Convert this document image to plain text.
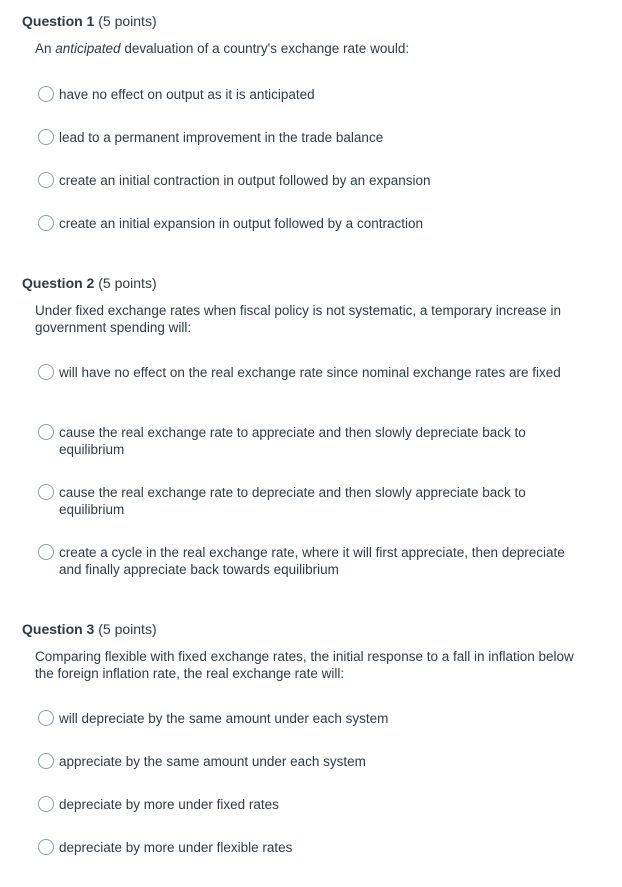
Question 1 (5 points)
An anticipated devaluation of a country's exchange rate would:
have no effect on output as it is anticipated
lead to a permanent improvement in the trade balance
create an initial contraction in output followed by an expansion
create an initial expansion in output followed by a contraction
Question 2 (5 points)
Under fixed exchange rates when fiscal policy is not systematic, a temporary increase in government spending will:
will have no effect on the real exchange rate since nominal exchange rates are fixed
cause the real exchange rate to appreciate and then slowly depreciate back to equilibrium
cause the real exchange rate to depreciate and then slowly appreciate back to equilibrium
create a cycle in the real exchange rate, where it will first appreciate, then depreciate and finally appreciate back towards equilibrium
Question 3 (5 points)
Comparing flexible with fixed exchange rates, the initial response to a fall in inflation below the foreign inflation rate, the real exchange rate will:
will depreciate by the same amount under each system
appreciate by the same amount under each system
depreciate by more under fixed rates
depreciate by more under flexible rates
